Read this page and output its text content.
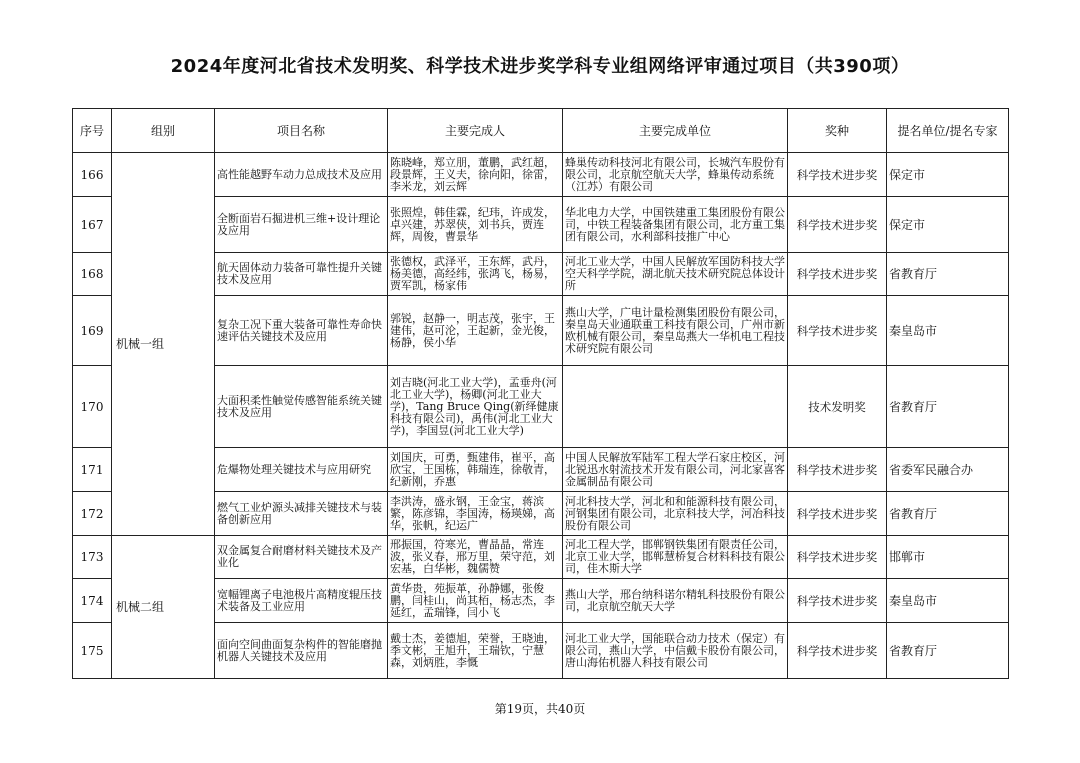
2024年度河北省技术发明奖、科学技术进步奖学科专业组网络评审通过项目（共390项）
序号	组别	项目名称	主要完成人	主要完成单位	奖种	提名单位/提名专家
166	机械一组	高性能越野车动力总成技术及应用	陈晓峰，郑立朋，董鹏，武红超，段景辉，王义夫，徐向阳，徐雷，李米龙，刘云辉	蜂巢传动科技河北有限公司，长城汽车股份有限公司，北京航空航天大学，蜂巢传动系统（江苏）有限公司	科学技术进步奖	保定市
167		全断面岩石掘进机三维+设计理论及应用	张照煌，韩佳霖，纪玮，许成发，卓兴建，苏翠侠，刘书兵，贾连辉，周俊，曹景华	华北电力大学，中国铁建重工集团股份有限公司，中铁工程装备集团有限公司，北方重工集团有限公司，水利部科技推广中心	科学技术进步奖	保定市
168		航天固体动力装备可靠性提升关键技术及应用	张德权，武泽平，王东辉，武丹，杨美德，高经纬，张鸿飞，杨易，贾军凯，杨家伟	河北工业大学，中国人民解放军国防科技大学空天科学学院，湖北航天技术研究院总体设计所	科学技术进步奖	省教育厅
169		复杂工况下重大装备可靠性寿命快速评估关键技术及应用	郭锐，赵静一，明志茂，张宇，王建伟，赵可沦，王起新，金光俊，杨静，侯小华	燕山大学，广电计量检测集团股份有限公司，秦皇岛天业通联重工科技有限公司，广州市新欧机械有限公司，秦皇岛燕大一华机电工程技术研究院有限公司	科学技术进步奖	秦皇岛市
170		大面积柔性触觉传感智能系统关键技术及应用	刘吉晓(河北工业大学)，孟垂舟(河北工业大学)，杨卿(河北工业大学)，Tang Bruce Qing(新绎健康科技有限公司)，禹伟(河北工业大学)，李国昱(河北工业大学)		技术发明奖	省教育厅
171		危爆物处理关键技术与应用研究	刘国庆，可勇，甄建伟，崔平，高欣宝，王国栋，韩瑞连，徐敬青，纪新刚，乔惠	中国人民解放军陆军工程大学石家庄校区，河北锐迅水射流技术开发有限公司，河北家喜客金属制品有限公司	科学技术进步奖	省委军民融合办
172		燃气工业炉源头减排关键技术与装备创新应用	李洪涛，盛永钢，王金宝，蒋滨繁，陈彦锦，李国涛，杨瑛娣，高华，张帆，纪运广	河北科技大学，河北和和能源科技有限公司，河钢集团有限公司，北京科技大学，河冶科技股份有限公司	科学技术进步奖	省教育厅
173	机械二组	双金属复合耐磨材料关键技术及产业化	邢振国，符寒光，曹晶晶，常连波，张义春，邢万里，荣守范，刘宏基，白华彬，魏儒赞	河北工程大学，邯郸钢铁集团有限责任公司，北京工业大学，邯郸慧桥复合材料科技有限公司，佳木斯大学	科学技术进步奖	邯郸市
174		宽幅锂离子电池极片高精度辊压技术装备及工业应用	黄华贵，苑振革，孙静娜，张俊鹏，闫桂山，尚其栢，杨志杰，李延红，孟瑞锋，闫小飞	燕山大学，邢台纳科诺尔精轧科技股份有限公司，北京航空航天大学	科学技术进步奖	秦皇岛市
175		面向空间曲面复杂构件的智能磨抛机器人关键技术及应用	戴士杰，姜德旭，荣誉，王晓迪，季文彬，王旭升，王瑞钦，宁慧森，刘炳胜，李慨	河北工业大学，国能联合动力技术（保定）有限公司，燕山大学，中信戴卡股份有限公司，唐山海佑机器人科技有限公司	科学技术进步奖	省教育厅
第19页，共40页
